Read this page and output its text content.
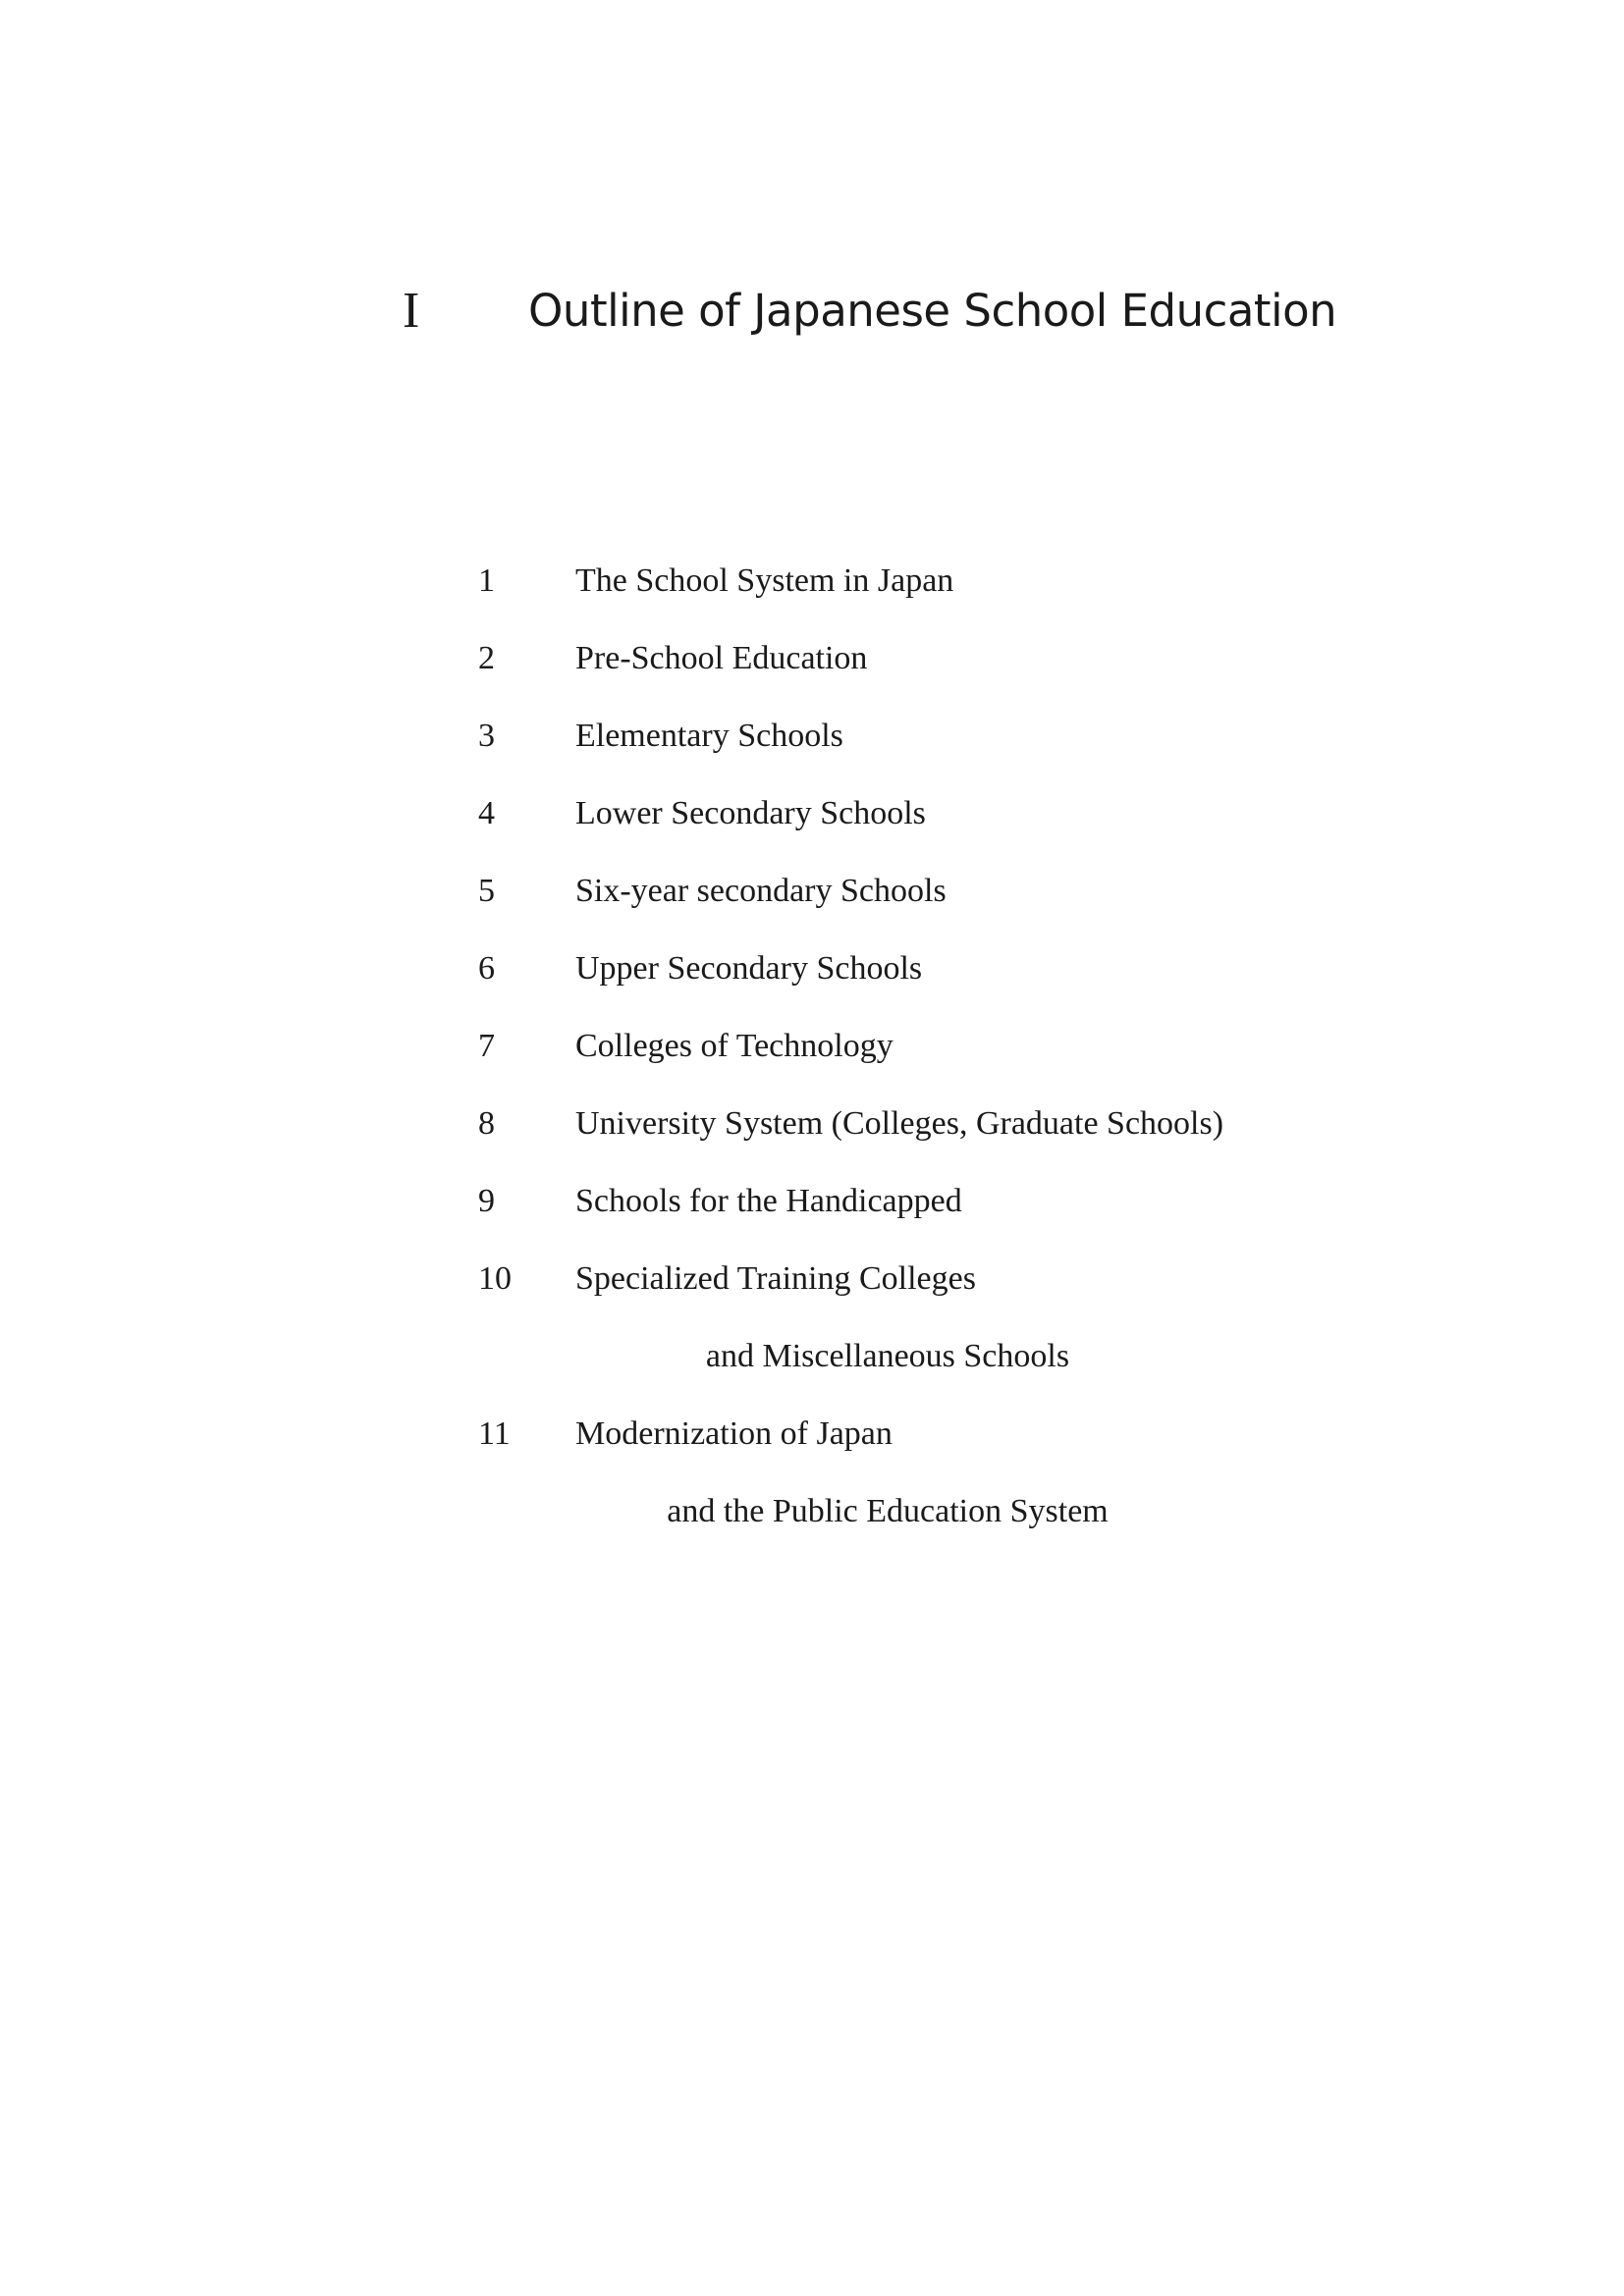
I Outline of Japanese School Education
1 The School System in Japan
2 Pre-School Education
3 Elementary Schools
4 Lower Secondary Schools
5 Six-year secondary Schools
6 Upper Secondary Schools
7 Colleges of Technology
8 University System (Colleges, Graduate Schools)
9 Schools for the Handicapped
10 Specialized Training Colleges
and Miscellaneous Schools
11 Modernization of Japan
and the Public Education System
